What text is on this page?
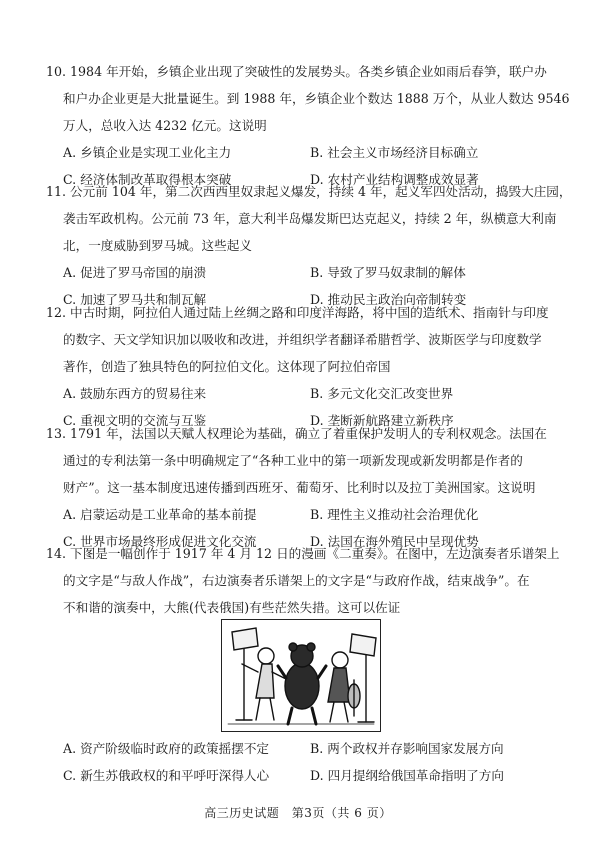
10. 1984 年开始，乡镇企业出现了突破性的发展势头。各类乡镇企业如雨后春笋，联户办

和户办企业更是大批量诞生。到 1988 年，乡镇企业个数达 1888 万个，从业人数达 9546

万人，总收入达 4232 亿元。这说明

A. 乡镇企业是实现工业化主力	B. 社会主义市场经济目标确立
C. 经济体制改革取得根本突破	D. 农村产业结构调整成效显著

11. 公元前 104 年，第二次西西里奴隶起义爆发，持续 4 年，起义军四处活动，捣毁大庄园，

袭击军政机构。公元前 73 年，意大利半岛爆发斯巴达克起义，持续 2 年，纵横意大利南

北，一度威胁到罗马城。这些起义

A. 促进了罗马帝国的崩溃	B. 导致了罗马奴隶制的解体
C. 加速了罗马共和制瓦解	D. 推动民主政治向帝制转变

12. 中古时期，阿拉伯人通过陆上丝绸之路和印度洋海路，将中国的造纸术、指南针与印度

的数字、天文学知识加以吸收和改进，并组织学者翻译希腊哲学、波斯医学与印度数学

著作，创造了独具特色的阿拉伯文化。这体现了阿拉伯帝国

A. 鼓励东西方的贸易往来	B. 多元文化交汇改变世界
C. 重视文明的交流与互鉴	D. 垄断新航路建立新秩序

13. 1791 年，法国以天赋人权理论为基础，确立了着重保护发明人的专利权观念。法国在

通过的专利法第一条中明确规定了“各种工业中的第一项新发现或新发明都是作者的

财产”。这一基本制度迅速传播到西班牙、葡萄牙、比利时以及拉丁美洲国家。这说明

A. 启蒙运动是工业革命的基本前提	B. 理性主义推动社会治理优化
C. 世界市场最终形成促进文化交流	D. 法国在海外殖民中呈现优势

14. 下图是一幅创作于 1917 年 4 月 12 日的漫画《二重奏》。在图中，左边演奏者乐谱架上

的文字是“与敌人作战”，右边演奏者乐谱架上的文字是“与政府作战，结束战争”。在

不和谐的演奏中，大熊(代表俄国)有些茫然失措。这可以佐证

A. 资产阶级临时政府的政策摇摆不定	B. 两个政权并存影响国家发展方向
C. 新生苏俄政权的和平呼吁深得人心	D. 四月提纲给俄国革命指明了方向
高三历史试题　第3页（共 6 页）
